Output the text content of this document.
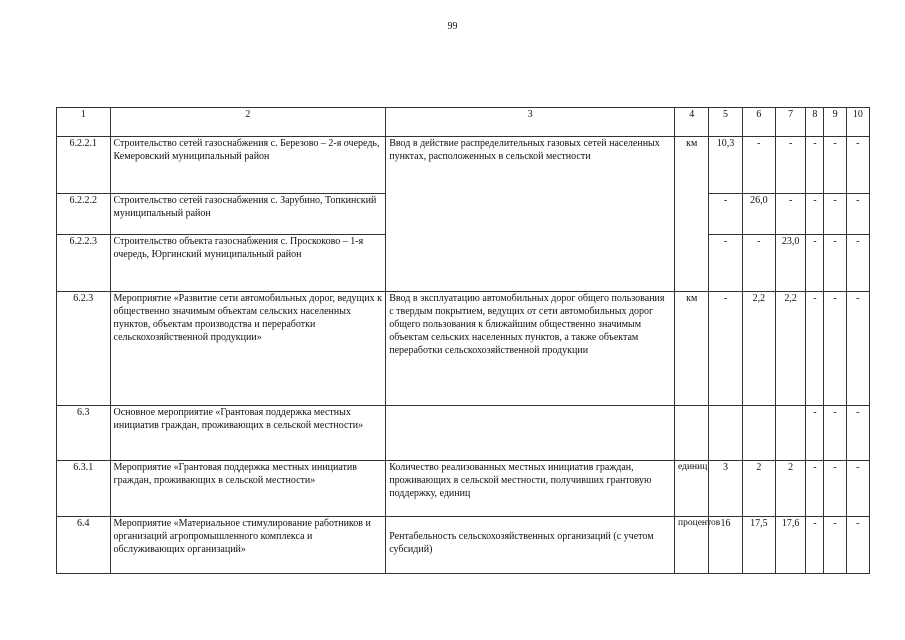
99
1	2	3	4	5	6	7	8	9	10
6.2.2.1	Строительство сетей газоснабжения с. Березово – 2-я очередь, Кемеровский муниципальный район	Ввод в действие распределительных газовых сетей населенных пунктах, расположенных в сельской местности	км	10,3	-	-	-	-	-
6.2.2.2	Строительство сетей газоснабжения с. Зарубино, Топкинский муниципальный район			-	26,0	-	-	-	-
6.2.2.3	Строительство объекта газоснабжения с. Проскоково – 1-я очередь, Юргинский муниципальный район			-	-	23,0	-	-	-
6.2.3	Мероприятие «Развитие сети автомобильных дорог, ведущих к общественно значимым объектам сельских населенных пунктов, объектам производства и переработки сельскохозяйственной продукции»	Ввод в эксплуатацию автомобильных дорог общего пользования с твердым покрытием, ведущих от сети автомобильных дорог общего пользования к ближайшим общественно значимым объектам сельских населенных пунктов, а также объектам переработки сельскохозяйственной продукции	км	-	2,2	2,2	-	-	-
6.3	Основное мероприятие «Грантовая поддержка местных инициатив граждан, проживающих в сельской местности»						-	-	-
6.3.1	Мероприятие «Грантовая поддержка местных инициатив граждан, проживающих в сельской местности»	Количество реализованных местных инициатив граждан, проживающих в сельской местности, получивших грантовую поддержку, единиц	единиц	3	2	2	-	-	-
6.4	Мероприятие «Материальное стимулирование работников и организаций агропромышленного комплекса и обслуживающих организаций»	Рентабельность сельскохозяйственных организаций (с учетом субсидий)	процентов	16	17,5	17,6	-	-	-
